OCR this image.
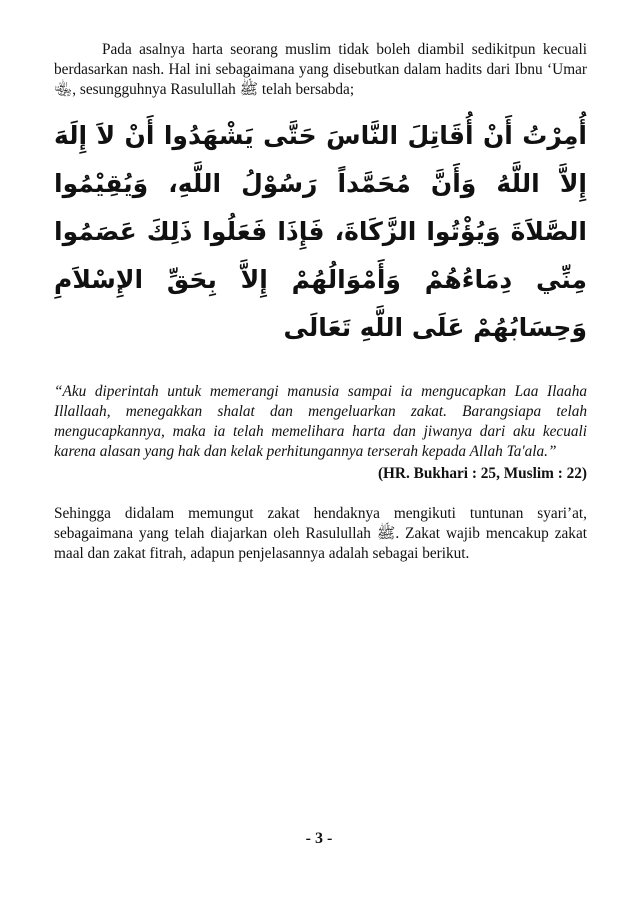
Pada asalnya harta seorang muslim tidak boleh diambil sedikitpun kecuali berdasarkan nash. Hal ini sebagaimana yang disebutkan dalam hadits dari Ibnu ‘Umar ﵄, sesungguhnya Rasulullah ﷺ telah bersabda;

أُمِرْتُ أَنْ أُقَاتِلَ النَّاسَ حَتَّى يَشْهَدُوا أَنْ لاَ إِلَهَ إِلاَّ اللَّهُ وَأَنَّ مُحَمَّداً رَسُوْلُ اللَّهِ، وَيُقِيْمُوا الصَّلاَةَ وَيُؤْتُوا الزَّكَاةَ، فَإِذَا فَعَلُوا ذَلِكَ عَصَمُوا مِنِّي دِمَاءُهُمْ وَأَمْوَالُهُمْ إِلاَّ بِحَقِّ الإِسْلاَمِ وَحِسَابُهُمْ عَلَى اللَّهِ تَعَالَى

“Aku diperintah untuk memerangi manusia sampai ia mengucapkan Laa Ilaaha Illallaah, menegakkan shalat dan mengeluarkan zakat. Barangsiapa telah mengucapkannya, maka ia telah memelihara harta dan jiwanya dari aku kecuali karena alasan yang hak dan kelak perhitungannya terserah kepada Allah Ta'ala.”

(HR. Bukhari : 25, Muslim : 22)

Sehingga didalam memungut zakat hendaknya mengikuti tuntunan syari’at, sebagaimana yang telah diajarkan oleh Rasulullah ﷺ. Zakat wajib mencakup zakat maal dan zakat fitrah, adapun penjelasannya adalah sebagai berikut.

- 3 -
